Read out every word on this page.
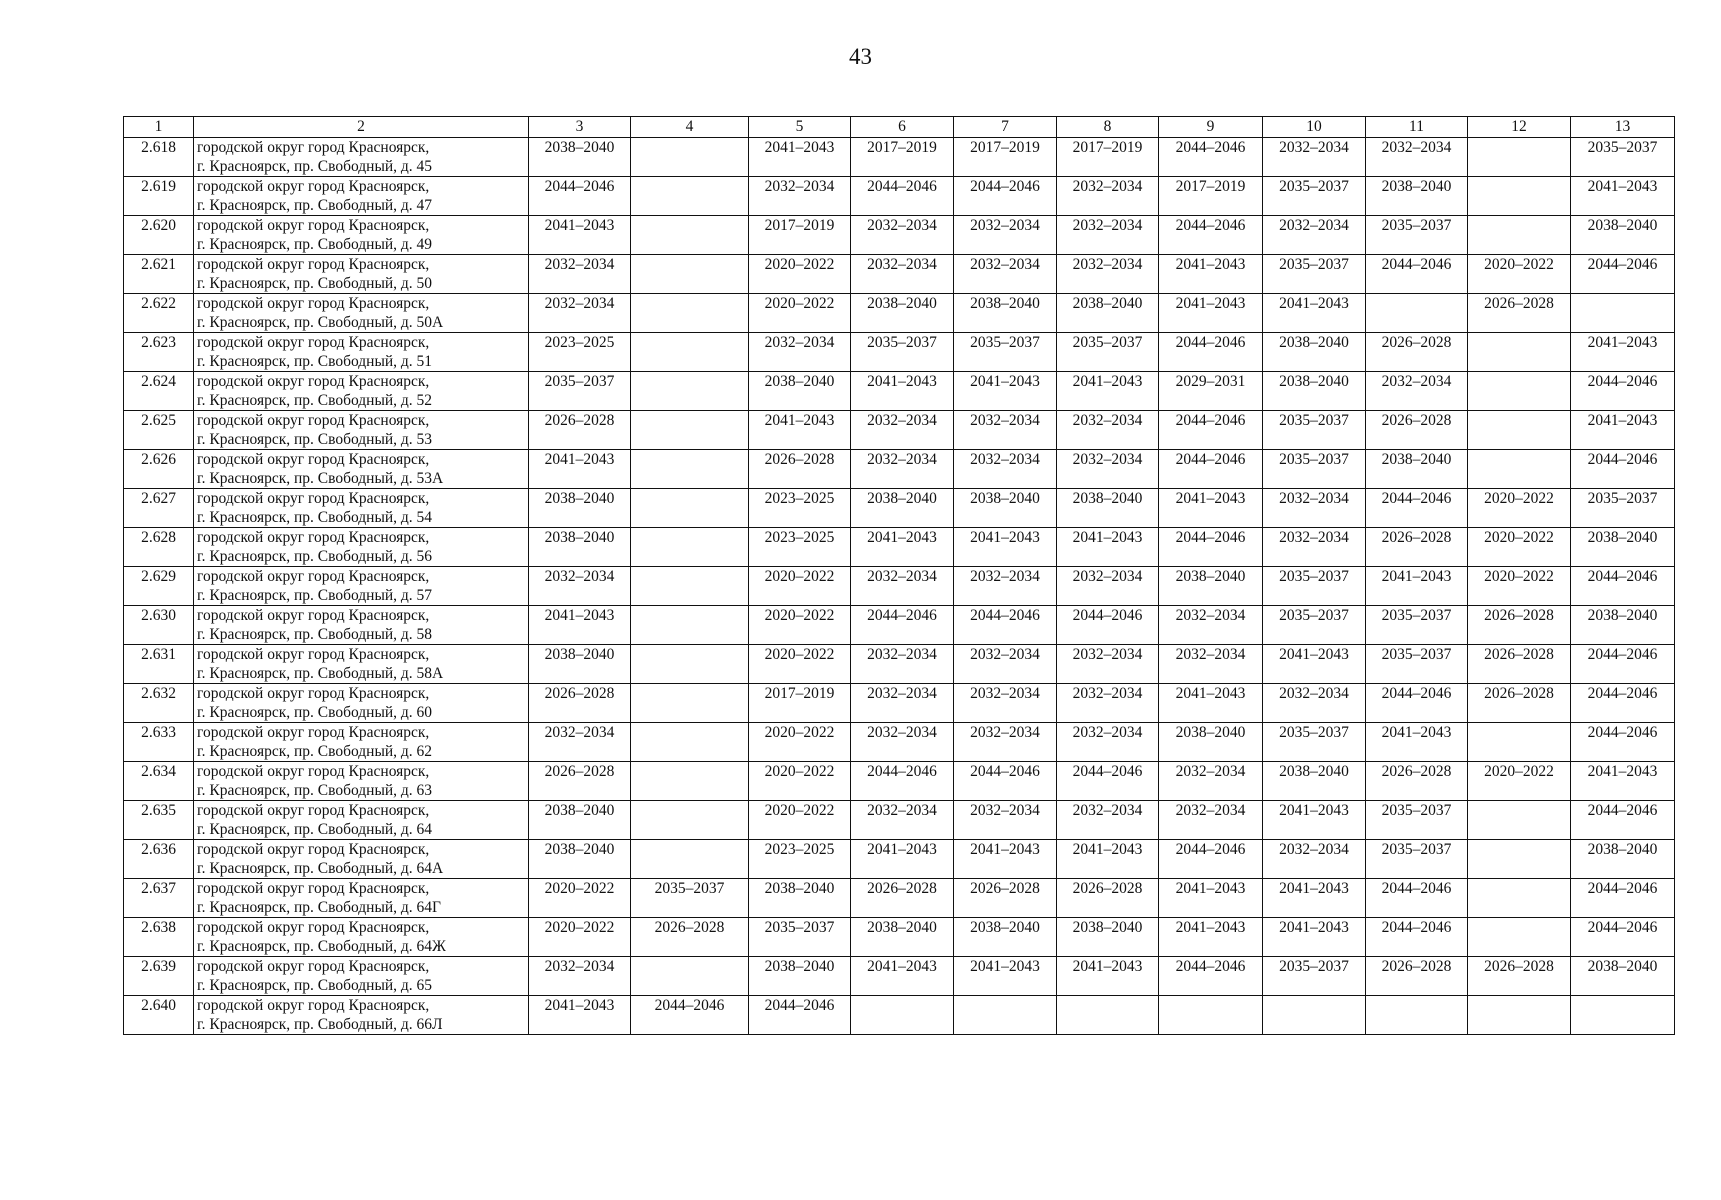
43
1	2	3	4	5	6	7	8	9	10	11	12	13
2.618	городской округ город Красноярск,
г. Красноярск, пр. Свободный, д. 45	2038–2040		2041–2043	2017–2019	2017–2019	2017–2019	2044–2046	2032–2034	2032–2034		2035–2037
2.619	городской округ город Красноярск,
г. Красноярск, пр. Свободный, д. 47	2044–2046		2032–2034	2044–2046	2044–2046	2032–2034	2017–2019	2035–2037	2038–2040		2041–2043
2.620	городской округ город Красноярск,
г. Красноярск, пр. Свободный, д. 49	2041–2043		2017–2019	2032–2034	2032–2034	2032–2034	2044–2046	2032–2034	2035–2037		2038–2040
2.621	городской округ город Красноярск,
г. Красноярск, пр. Свободный, д. 50	2032–2034		2020–2022	2032–2034	2032–2034	2032–2034	2041–2043	2035–2037	2044–2046	2020–2022	2044–2046
2.622	городской округ город Красноярск,
г. Красноярск, пр. Свободный, д. 50А	2032–2034		2020–2022	2038–2040	2038–2040	2038–2040	2041–2043	2041–2043		2026–2028	
2.623	городской округ город Красноярск,
г. Красноярск, пр. Свободный, д. 51	2023–2025		2032–2034	2035–2037	2035–2037	2035–2037	2044–2046	2038–2040	2026–2028		2041–2043
2.624	городской округ город Красноярск,
г. Красноярск, пр. Свободный, д. 52	2035–2037		2038–2040	2041–2043	2041–2043	2041–2043	2029–2031	2038–2040	2032–2034		2044–2046
2.625	городской округ город Красноярск,
г. Красноярск, пр. Свободный, д. 53	2026–2028		2041–2043	2032–2034	2032–2034	2032–2034	2044–2046	2035–2037	2026–2028		2041–2043
2.626	городской округ город Красноярск,
г. Красноярск, пр. Свободный, д. 53А	2041–2043		2026–2028	2032–2034	2032–2034	2032–2034	2044–2046	2035–2037	2038–2040		2044–2046
2.627	городской округ город Красноярск,
г. Красноярск, пр. Свободный, д. 54	2038–2040		2023–2025	2038–2040	2038–2040	2038–2040	2041–2043	2032–2034	2044–2046	2020–2022	2035–2037
2.628	городской округ город Красноярск,
г. Красноярск, пр. Свободный, д. 56	2038–2040		2023–2025	2041–2043	2041–2043	2041–2043	2044–2046	2032–2034	2026–2028	2020–2022	2038–2040
2.629	городской округ город Красноярск,
г. Красноярск, пр. Свободный, д. 57	2032–2034		2020–2022	2032–2034	2032–2034	2032–2034	2038–2040	2035–2037	2041–2043	2020–2022	2044–2046
2.630	городской округ город Красноярск,
г. Красноярск, пр. Свободный, д. 58	2041–2043		2020–2022	2044–2046	2044–2046	2044–2046	2032–2034	2035–2037	2035–2037	2026–2028	2038–2040
2.631	городской округ город Красноярск,
г. Красноярск, пр. Свободный, д. 58А	2038–2040		2020–2022	2032–2034	2032–2034	2032–2034	2032–2034	2041–2043	2035–2037	2026–2028	2044–2046
2.632	городской округ город Красноярск,
г. Красноярск, пр. Свободный, д. 60	2026–2028		2017–2019	2032–2034	2032–2034	2032–2034	2041–2043	2032–2034	2044–2046	2026–2028	2044–2046
2.633	городской округ город Красноярск,
г. Красноярск, пр. Свободный, д. 62	2032–2034		2020–2022	2032–2034	2032–2034	2032–2034	2038–2040	2035–2037	2041–2043		2044–2046
2.634	городской округ город Красноярск,
г. Красноярск, пр. Свободный, д. 63	2026–2028		2020–2022	2044–2046	2044–2046	2044–2046	2032–2034	2038–2040	2026–2028	2020–2022	2041–2043
2.635	городской округ город Красноярск,
г. Красноярск, пр. Свободный, д. 64	2038–2040		2020–2022	2032–2034	2032–2034	2032–2034	2032–2034	2041–2043	2035–2037		2044–2046
2.636	городской округ город Красноярск,
г. Красноярск, пр. Свободный, д. 64А	2038–2040		2023–2025	2041–2043	2041–2043	2041–2043	2044–2046	2032–2034	2035–2037		2038–2040
2.637	городской округ город Красноярск,
г. Красноярск, пр. Свободный, д. 64Г	2020–2022	2035–2037	2038–2040	2026–2028	2026–2028	2026–2028	2041–2043	2041–2043	2044–2046		2044–2046
2.638	городской округ город Красноярск,
г. Красноярск, пр. Свободный, д. 64Ж	2020–2022	2026–2028	2035–2037	2038–2040	2038–2040	2038–2040	2041–2043	2041–2043	2044–2046		2044–2046
2.639	городской округ город Красноярск,
г. Красноярск, пр. Свободный, д. 65	2032–2034		2038–2040	2041–2043	2041–2043	2041–2043	2044–2046	2035–2037	2026–2028	2026–2028	2038–2040
2.640	городской округ город Красноярск,
г. Красноярск, пр. Свободный, д. 66Л	2041–2043	2044–2046	2044–2046								
